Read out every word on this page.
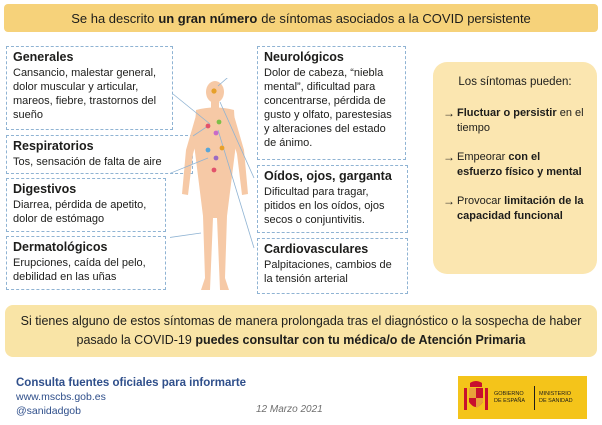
Se ha descrito un gran número de síntomas asociados a la COVID persistente
Generales

Cansancio, malestar general, dolor muscular y articular, mareos, fiebre, trastornos del sueño

Respiratorios

Tos, sensación de falta de aire

Digestivos

Diarrea, pérdida de apetito, dolor de estómago

Dermatológicos

Erupciones, caída del pelo, debilidad en las uñas

Neurológicos

Dolor de cabeza, “niebla mental”, dificultad para concentrarse, pérdida de gusto y olfato, parestesias y alteraciones del estado de ánimo.

Oídos, ojos, garganta

Dificultad para tragar, pitidos en los oídos, ojos secos o conjuntivitis.

Cardiovasculares

Palpitaciones, cambios de la tensión arterial

Los síntomas pueden:
→ Fluctuar o persistir en el tiempo
→ Empeorar con el esfuerzo físico y mental
→ Provocar limitación de la capacidad funcional
Si tienes alguno de estos síntomas de manera prolongada tras el diagnóstico o la sospecha de haber pasado la COVID-19 puedes consultar con tu médica/o de Atención Primaria
Consulta fuentes oficiales para informarte
www.mscbs.gob.es
@sanidadgob	12 Marzo 2021
GOBIERNO DE ESPAÑA
MINISTERIO DE SANIDAD
